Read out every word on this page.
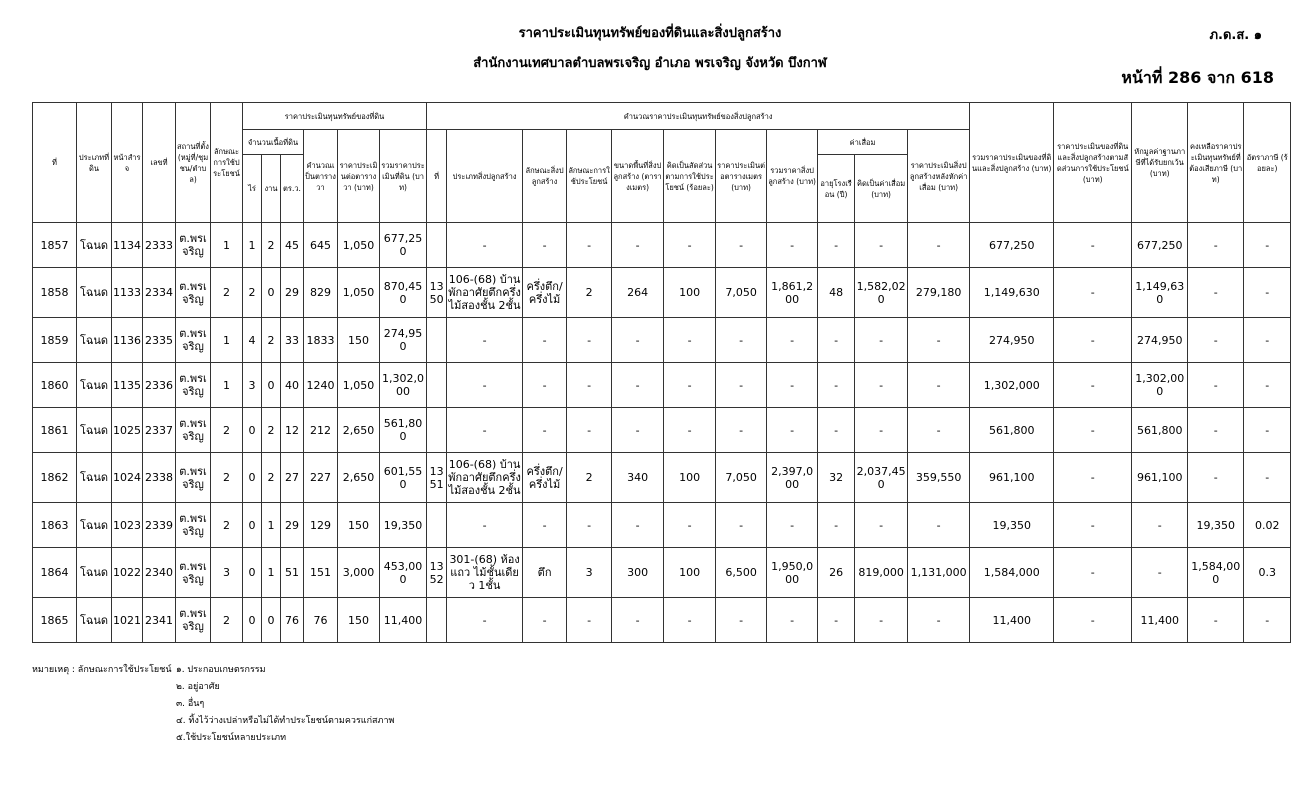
ราคาประเมินทุนทรัพย์ของที่ดินและสิ่งปลูกสร้าง	ภ.ด.ส. ๑
สำนักงานเทศบาลตำบลพรเจริญ อำเภอ พรเจริญ จังหวัด บึงกาฬ
หน้าที่ 286 จาก 618
ที่	ประเภทที่ดิน	หน้าสำรจ	เลขที่	สถานที่ตั้ง(หมู่ที่/ชุมชน/ตำบล)	ลักษณะการใช้ประโยชน์	ราคาประเมินทุนทรัพย์ของที่ดิน						คำนวณราคาประเมินทุนทรัพย์ของสิ่งปลูกสร้าง											รวมราคาประเมินของที่ดินและสิ่งปลูกสร้าง (บาท)	ราคาประเมินของที่ดินและสิ่งปลูกสร้างตามสัดส่วนการใช้ประโยชน์ (บาท)	หักมูลค่าฐานภาษีที่ได้รับยกเว้น (บาท)	คงเหลือราคาประเมินทุนทรัพย์ที่ต้องเสียภาษี (บาท)	อัตราภาษี (ร้อยละ)
						จำนวนเนื้อที่ดิน			คำนวณเป็นตารางวา	ราคาประเมินต่อตารางวา (บาท)	รวมราคาประเมินที่ดิน (บาท)	ที่	ประเภทสิ่งปลูกสร้าง	ลักษณะสิ่งปลูกสร้าง	ลักษณะการใช้ประโยชน์	ขนาดพื้นที่สิ่งปลูกสร้าง (ตารางเมตร)	คิดเป็นสัดส่วนตามการใช้ประโยชน์ (ร้อยละ)	ราคาประเมินต่อตารางเมตร (บาท)	รวมราคาสิ่งปลูกสร้าง (บาท)	ค่าเสื่อม		ราคาประเมินสิ่งปลูกสร้างหลังหักค่าเสื่อม (บาท)					
						ไร่	งาน	ตร.ว.												อายุโรงเรือน (ปี)	คิดเป็นค่าเสื่อม (บาท)						
1857	โฉนด	1134	2333	ต.พรเจริญ	1	1	2	45	645	1,050	677,250		-	-	-	-	-	-	-	-	-	-	677,250	-	677,250	-	-
1858	โฉนด	1133	2334	ต.พรเจริญ	2	2	0	29	829	1,050	870,450	1350	106-(68) บ้านพักอาศัยตึกครึ่งไม้สองชั้น 2ชั้น	ครึ่งตึก/ครึ่งไม้	2	264	100	7,050	1,861,200	48	1,582,020	279,180	1,149,630	-	1,149,630	-	-
1859	โฉนด	1136	2335	ต.พรเจริญ	1	4	2	33	1833	150	274,950		-	-	-	-	-	-	-	-	-	-	274,950	-	274,950	-	-
1860	โฉนด	1135	2336	ต.พรเจริญ	1	3	0	40	1240	1,050	1,302,000		-	-	-	-	-	-	-	-	-	-	1,302,000	-	1,302,000	-	-
1861	โฉนด	1025	2337	ต.พรเจริญ	2	0	2	12	212	2,650	561,800		-	-	-	-	-	-	-	-	-	-	561,800	-	561,800	-	-
1862	โฉนด	1024	2338	ต.พรเจริญ	2	0	2	27	227	2,650	601,550	1351	106-(68) บ้านพักอาศัยตึกครึ่งไม้สองชั้น 2ชั้น	ครึ่งตึก/ครึ่งไม้	2	340	100	7,050	2,397,000	32	2,037,450	359,550	961,100	-	961,100	-	-
1863	โฉนด	1023	2339	ต.พรเจริญ	2	0	1	29	129	150	19,350		-	-	-	-	-	-	-	-	-	-	19,350	-	-	19,350	0.02
1864	โฉนด	1022	2340	ต.พรเจริญ	3	0	1	51	151	3,000	453,000	1352	301-(68) ห้องแถว ไม้ชั้นเดียว 1ชั้น	ตึก	3	300	100	6,500	1,950,000	26	819,000	1,131,000	1,584,000	-	-	1,584,000	0.3
1865	โฉนด	1021	2341	ต.พรเจริญ	2	0	0	76	76	150	11,400		-	-	-	-	-	-	-	-	-	-	11,400	-	11,400	-	-
หมายเหตุ : ลักษณะการใช้ประโยชน์ ๑. ประกอบเกษตรกรรม
๒. อยู่อาศัย
๓. อื่นๆ
๔. ทิ้งไว้ว่างเปล่าหรือไม่ได้ทำประโยชน์ตามควรแก่สภาพ
๕.ใช้ประโยชน์หลายประเภท
